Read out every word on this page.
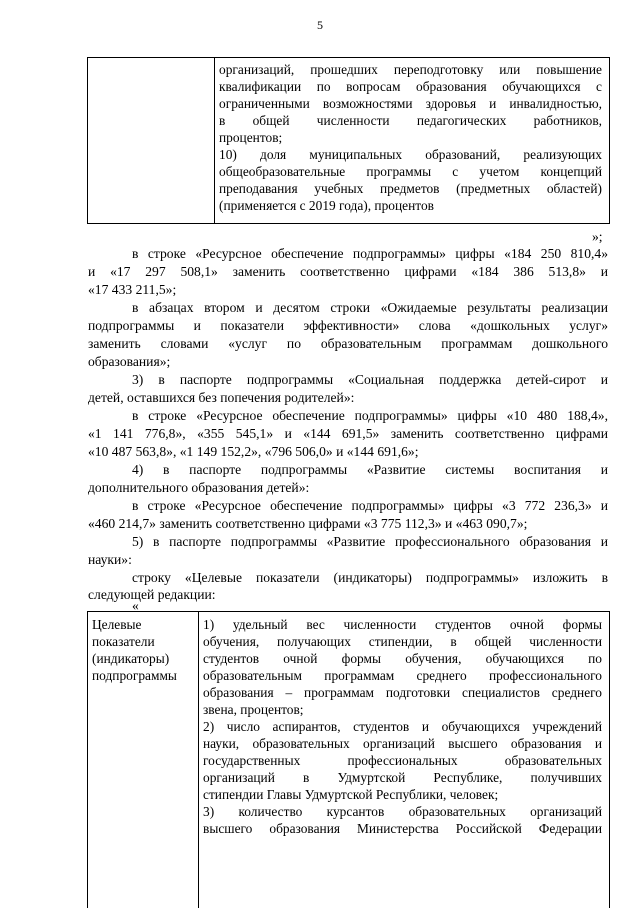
5
организаций, прошедших переподготовку или повышение
квалификации по вопросам образования обучающихся с
ограниченными возможностями здоровья и инвалидностью,
в общей численности педагогических работников,
процентов;
10) доля муниципальных образований, реализующих
общеобразовательные программы с учетом концепций
преподавания учебных предметов (предметных областей)
(применяется с 2019 года), процентов
»;
в строке «Ресурсное обеспечение подпрограммы» цифры «184 250 810,4»
и «17 297 508,1» заменить соответственно цифрами «184 386 513,8» и
«17 433 211,5»;
в абзацах втором и десятом строки «Ожидаемые результаты реализации
подпрограммы и показатели эффективности» слова «дошкольных услуг»
заменить словами «услуг по образовательным программам дошкольного
образования»;
3) в паспорте подпрограммы «Социальная поддержка детей-сирот и
детей, оставшихся без попечения родителей»:
в строке «Ресурсное обеспечение подпрограммы» цифры «10 480 188,4»,
«1 141 776,8», «355 545,1» и «144 691,5» заменить соответственно цифрами
«10 487 563,8», «1 149 152,2», «796 506,0» и «144 691,6»;
4) в паспорте подпрограммы «Развитие системы воспитания и
дополнительного образования детей»:
в строке «Ресурсное обеспечение подпрограммы» цифры «3 772 236,3» и
«460 214,7» заменить соответственно цифрами «3 775 112,3» и «463 090,7»;
5) в паспорте подпрограммы «Развитие профессионального образования и
науки»:
строку «Целевые показатели (индикаторы) подпрограммы» изложить в
следующей редакции:
«
Целевые
показатели
(индикаторы)
подпрограммы
1) удельный вес численности студентов очной формы
обучения, получающих стипендии, в общей численности
студентов очной формы обучения, обучающихся по
образовательным программам среднего профессионального
образования – программам подготовки специалистов среднего
звена, процентов;
2) число аспирантов, студентов и обучающихся учреждений
науки, образовательных организаций высшего образования и
государственных профессиональных образовательных
организаций в Удмуртской Республике, получивших
стипендии Главы Удмуртской Республики, человек;
3) количество курсантов образовательных организаций
высшего образования Министерства Российской Федерации
